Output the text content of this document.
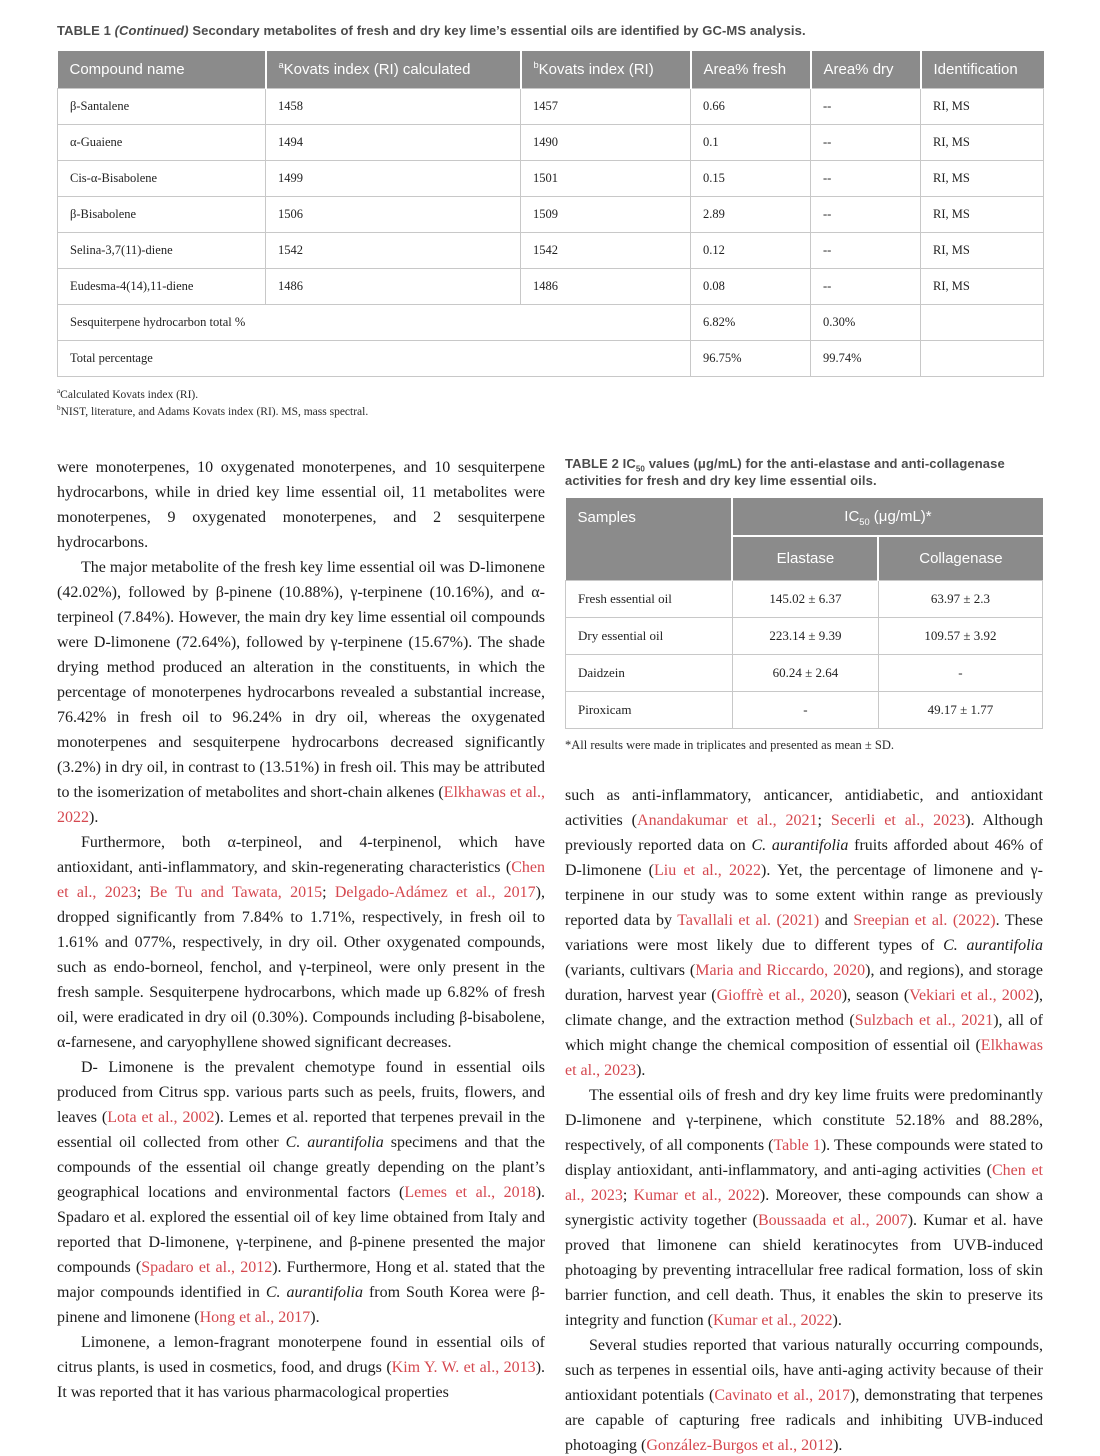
TABLE 1 (Continued) Secondary metabolites of fresh and dry key lime’s essential oils are identified by GC-MS analysis.
Compound name	$^a$Kovats index (RI) calculated	$^b$Kovats index (RI)	Area% fresh	Area% dry	Identification
β-Santalene	1458	1457	0.66	--	RI, MS
α-Guaiene	1494	1490	0.1	--	RI, MS
Cis-α-Bisabolene	1499	1501	0.15	--	RI, MS
β-Bisabolene	1506	1509	2.89	--	RI, MS
Selina-3,7(11)-diene	1542	1542	0.12	--	RI, MS
Eudesma-4(14),11-diene	1486	1486	0.08	--	RI, MS
Sesquiterpene hydrocarbon total %			6.82%	0.30%	
Total percentage			96.75%	99.74%	
$^a$Calculated Kovats index (RI).
$^b$NIST, literature, and Adams Kovats index (RI). MS, mass spectral.

were monoterpenes, 10 oxygenated monoterpenes, and 10 sesquiterpene hydrocarbons, while in dried key lime essential oil, 11 metabolites were monoterpenes, 9 oxygenated monoterpenes, and 2 sesquiterpene hydrocarbons.

The major metabolite of the fresh key lime essential oil was D-limonene (42.02%), followed by β-pinene (10.88%), γ-terpinene (10.16%), and α-terpineol (7.84%). However, the main dry key lime essential oil compounds were D-limonene (72.64%), followed by γ-terpinene (15.67%). The shade drying method produced an alteration in the constituents, in which the percentage of monoterpenes hydrocarbons revealed a substantial increase, 76.42% in fresh oil to 96.24% in dry oil, whereas the oxygenated monoterpenes and sesquiterpene hydrocarbons decreased significantly (3.2%) in dry oil, in contrast to (13.51%) in fresh oil. This may be attributed to the isomerization of metabolites and short-chain alkenes (Elkhawas et al., 2022).

Furthermore, both α-terpineol, and 4-terpinenol, which have antioxidant, anti-inflammatory, and skin-regenerating characteristics (Chen et al., 2023; Be Tu and Tawata, 2015; Delgado-Adámez et al., 2017), dropped significantly from 7.84% to 1.71%, respectively, in fresh oil to 1.61% and 077%, respectively, in dry oil. Other oxygenated compounds, such as endo-borneol, fenchol, and γ-terpineol, were only present in the fresh sample. Sesquiterpene hydrocarbons, which made up 6.82% of fresh oil, were eradicated in dry oil (0.30%). Compounds including β-bisabolene, α-farnesene, and caryophyllene showed significant decreases.

D- Limonene is the prevalent chemotype found in essential oils produced from Citrus spp. various parts such as peels, fruits, flowers, and leaves (Lota et al., 2002). Lemes et al. reported that terpenes prevail in the essential oil collected from other C. aurantifolia specimens and that the compounds of the essential oil change greatly depending on the plant’s geographical locations and environmental factors (Lemes et al., 2018). Spadaro et al. explored the essential oil of key lime obtained from Italy and reported that D-limonene, γ-terpinene, and β-pinene presented the major compounds (Spadaro et al., 2012). Furthermore, Hong et al. stated that the major compounds identified in C. aurantifolia from South Korea were β-pinene and limonene (Hong et al., 2017).

Limonene, a lemon-fragrant monoterpene found in essential oils of citrus plants, is used in cosmetics, food, and drugs (Kim Y. W. et al., 2013). It was reported that it has various pharmacological properties

TABLE 2 $IC_{50}$ values (μg/mL) for the anti-elastase and anti-collagenase activities for fresh and dry key lime essential oils.
Samples	$IC_{50}$ (μg/mL)*	
	Elastase	Collagenase
Fresh essential oil	145.02 ± 6.37	63.97 ± 2.3
Dry essential oil	223.14 ± 9.39	109.57 ± 3.92
Daidzein	60.24 ± 2.64	-
Piroxicam	-	49.17 ± 1.77
*All results were made in triplicates and presented as mean ± SD.

such as anti-inflammatory, anticancer, antidiabetic, and antioxidant activities (Anandakumar et al., 2021; Secerli et al., 2023). Although previously reported data on C. aurantifolia fruits afforded about 46% of D-limonene (Liu et al., 2022). Yet, the percentage of limonene and γ-terpinene in our study was to some extent within range as previously reported data by Tavallali et al. (2021) and Sreepian et al. (2022). These variations were most likely due to different types of C. aurantifolia (variants, cultivars (Maria and Riccardo, 2020), and regions), and storage duration, harvest year (Gioffrè et al., 2020), season (Vekiari et al., 2002), climate change, and the extraction method (Sulzbach et al., 2021), all of which might change the chemical composition of essential oil (Elkhawas et al., 2023).

The essential oils of fresh and dry key lime fruits were predominantly D-limonene and γ-terpinene, which constitute 52.18% and 88.28%, respectively, of all components (Table 1). These compounds were stated to display antioxidant, anti-inflammatory, and anti-aging activities (Chen et al., 2023; Kumar et al., 2022). Moreover, these compounds can show a synergistic activity together (Boussaada et al., 2007). Kumar et al. have proved that limonene can shield keratinocytes from UVB-induced photoaging by preventing intracellular free radical formation, loss of skin barrier function, and cell death. Thus, it enables the skin to preserve its integrity and function (Kumar et al., 2022).

Several studies reported that various naturally occurring compounds, such as terpenes in essential oils, have anti-aging activity because of their antioxidant potentials (Cavinato et al., 2017), demonstrating that terpenes are capable of capturing free radicals and inhibiting UVB-induced photoaging (González-Burgos et al., 2012).
